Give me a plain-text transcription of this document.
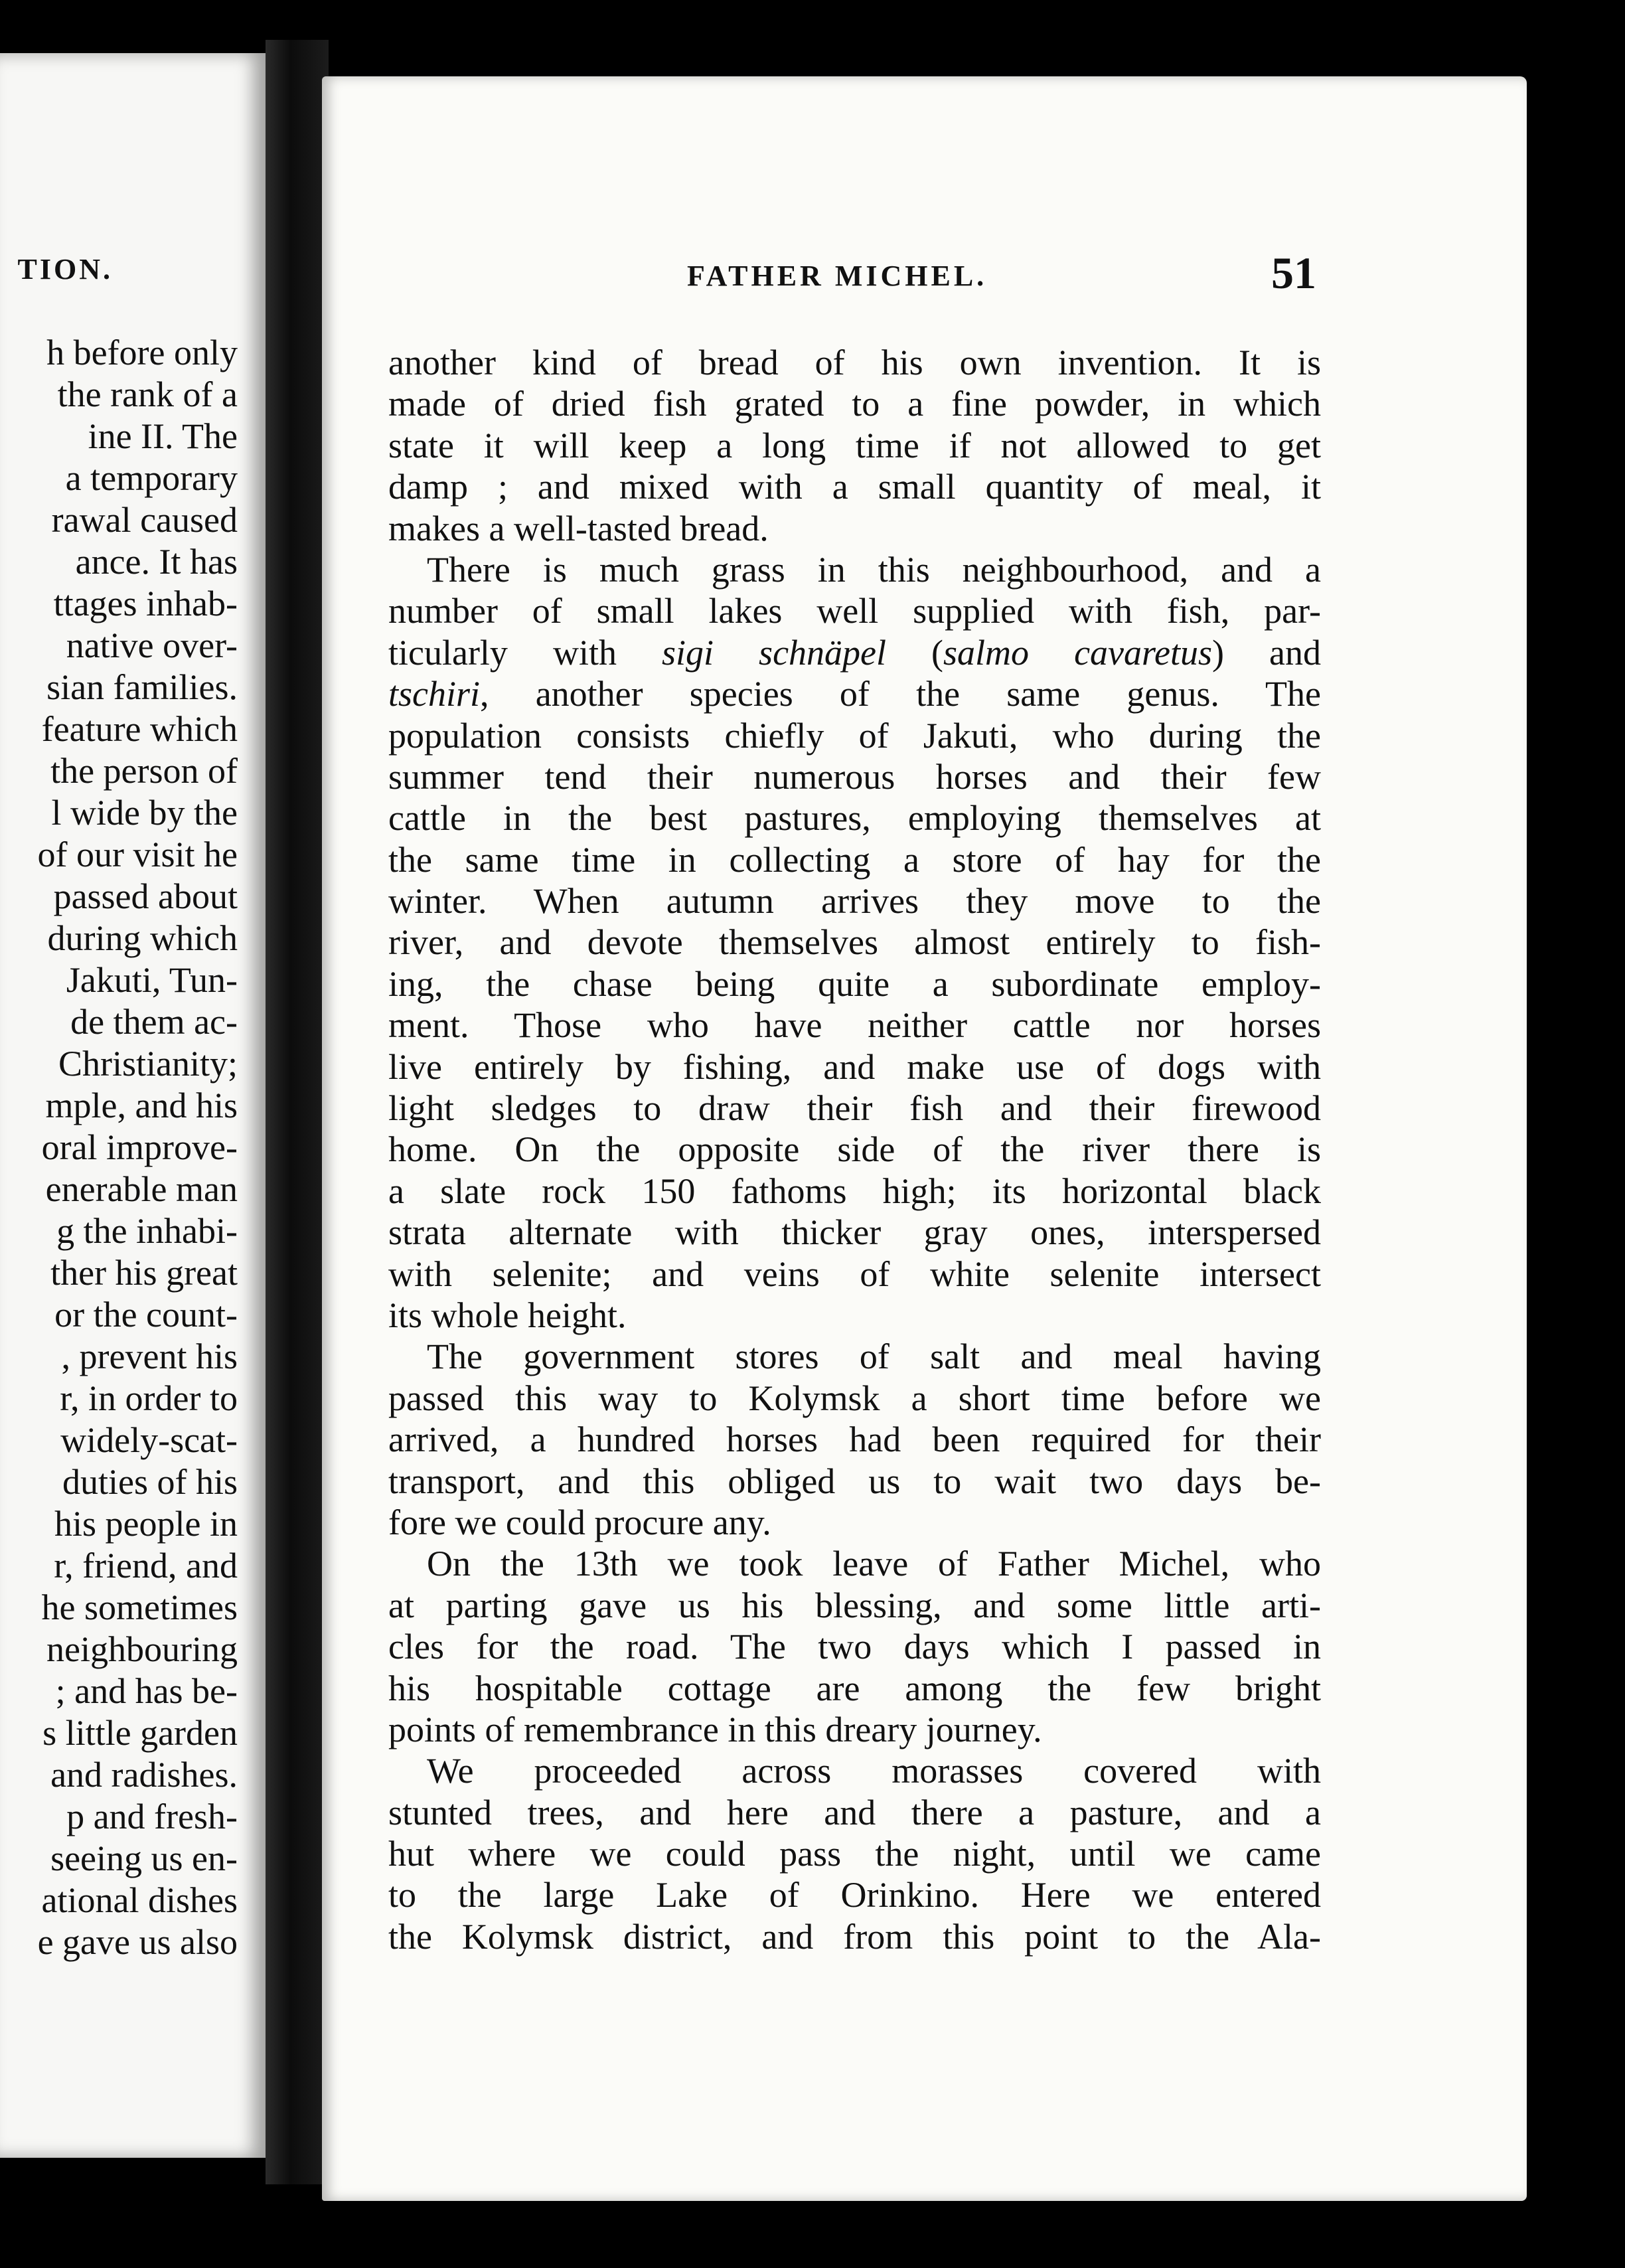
TION.
h before only
the rank of a
ine II. The
a temporary
rawal caused
ance. It has
ttages inhab-
native over-
sian families.
feature which
the person of
l wide by the
of our visit he
passed about
during which
Jakuti, Tun-
de them ac-
Christianity;
mple, and his
oral improve-
enerable man
g the inhabi-
ther his great
or the count-
, prevent his
r, in order to
widely-scat-
duties of his
his people in
r, friend, and
he sometimes
neighbouring
; and has be-
s little garden
and radishes.
p and fresh-
seeing us en-
ational dishes
e gave us also
FATHER MICHEL.	51
another kind of bread of his own invention. It is
made of dried fish grated to a fine powder, in which
state it will keep a long time if not allowed to get
damp ; and mixed with a small quantity of meal, it
makes a well-tasted bread.
There is much grass in this neighbourhood, and a
number of small lakes well supplied with fish, par-
ticularly with sigi schnäpel (salmo cavaretus) and
tschiri, another species of the same genus. The
population consists chiefly of Jakuti, who during the
summer tend their numerous horses and their few
cattle in the best pastures, employing themselves at
the same time in collecting a store of hay for the
winter. When autumn arrives they move to the
river, and devote themselves almost entirely to fish-
ing, the chase being quite a subordinate employ-
ment. Those who have neither cattle nor horses
live entirely by fishing, and make use of dogs with
light sledges to draw their fish and their firewood
home. On the opposite side of the river there is
a slate rock 150 fathoms high; its horizontal black
strata alternate with thicker gray ones, interspersed
with selenite; and veins of white selenite intersect
its whole height.
The government stores of salt and meal having
passed this way to Kolymsk a short time before we
arrived, a hundred horses had been required for their
transport, and this obliged us to wait two days be-
fore we could procure any.
On the 13th we took leave of Father Michel, who
at parting gave us his blessing, and some little arti-
cles for the road. The two days which I passed in
his hospitable cottage are among the few bright
points of remembrance in this dreary journey.
We proceeded across morasses covered with
stunted trees, and here and there a pasture, and a
hut where we could pass the night, until we came
to the large Lake of Orinkino. Here we entered
the Kolymsk district, and from this point to the Ala-
